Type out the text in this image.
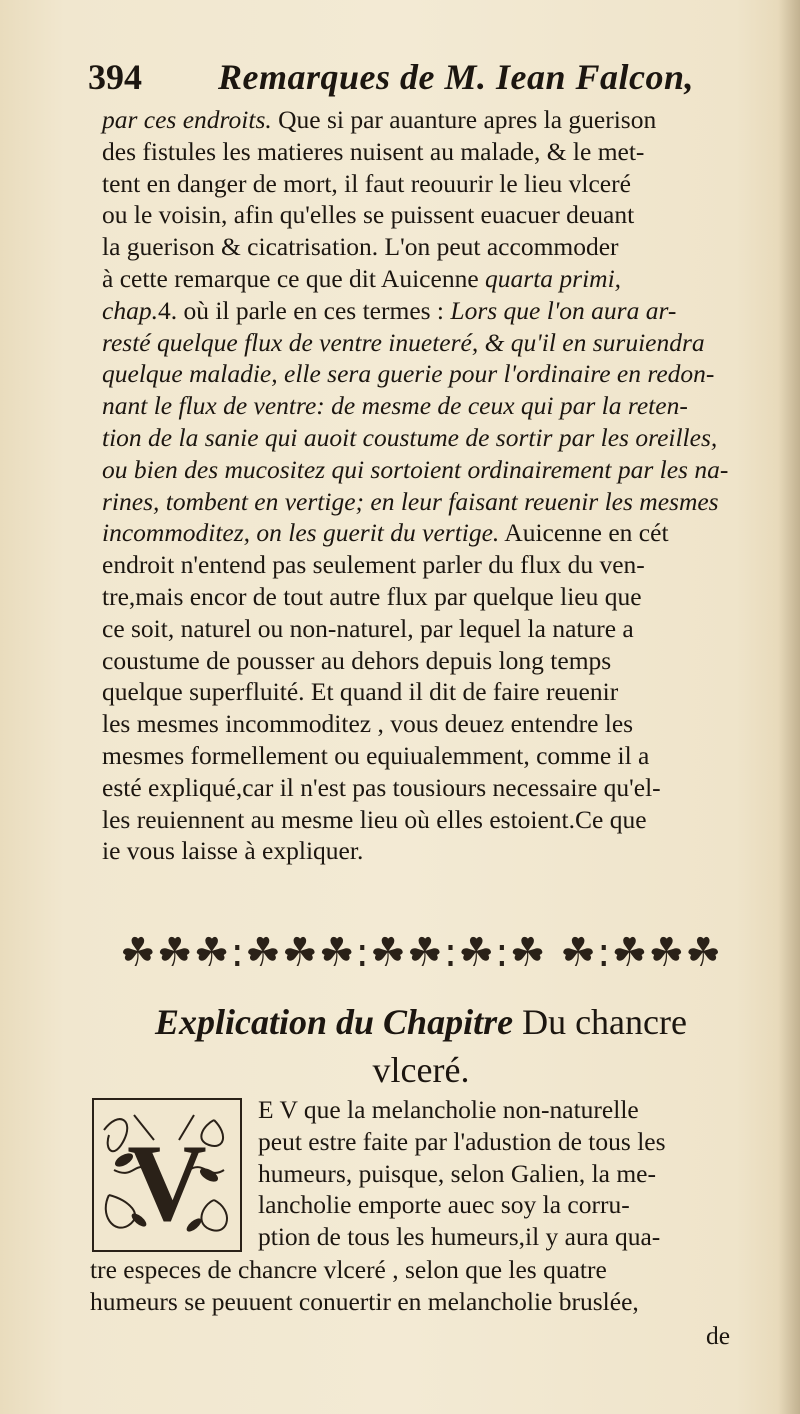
394 Remarques de M. Iean Falcon,
par ces endroits. Que si par auanture apres la guerison
des fistules les matieres nuisent au malade, & le met-
tent en danger de mort, il faut reouurir le lieu vlceré
ou le voisin, afin qu'elles se puissent euacuer deuant
la guerison & cicatrisation. L'on peut accommoder
à cette remarque ce que dit Auicenne quarta primi,
chap.4. où il parle en ces termes : Lors que l'on aura ar-
resté quelque flux de ventre inueteré, & qu'il en suruiendra
quelque maladie, elle sera guerie pour l'ordinaire en redon-
nant le flux de ventre: de mesme de ceux qui par la reten-
tion de la sanie qui auoit coustume de sortir par les oreilles,
ou bien des mucositez qui sortoient ordinairement par les na-
rines, tombent en vertige; en leur faisant reuenir les mesmes
incommoditez, on les guerit du vertige. Auicenne en cét
endroit n'entend pas seulement parler du flux du ven-
tre,mais encor de tout autre flux par quelque lieu que
ce soit, naturel ou non-naturel, par lequel la nature a
coustume de pousser au dehors depuis long temps
quelque superfluité. Et quand il dit de faire reuenir
les mesmes incommoditez , vous deuez entendre les
mesmes formellement ou equiualemment, comme il a
esté expliqué,car il n'est pas tousiours necessaire qu'el-
les reuiennent au mesme lieu où elles estoient.Ce que
ie vous laisse à expliquer.
☘☘☘:☘☘☘:☘☘:☘:☘ ☘:☘☘☘
Explication du Chapitre Du chancre
vlceré.
V
E V que la melancholie non-naturelle
peut estre faite par l'adustion de tous les
humeurs, puisque, selon Galien, la me-
lancholie emporte auec soy la corru-
ption de tous les humeurs,il y aura qua-
tre especes de chancre vlceré , selon que les quatre
humeurs se peuuent conuertir en melancholie bruslée,
de
